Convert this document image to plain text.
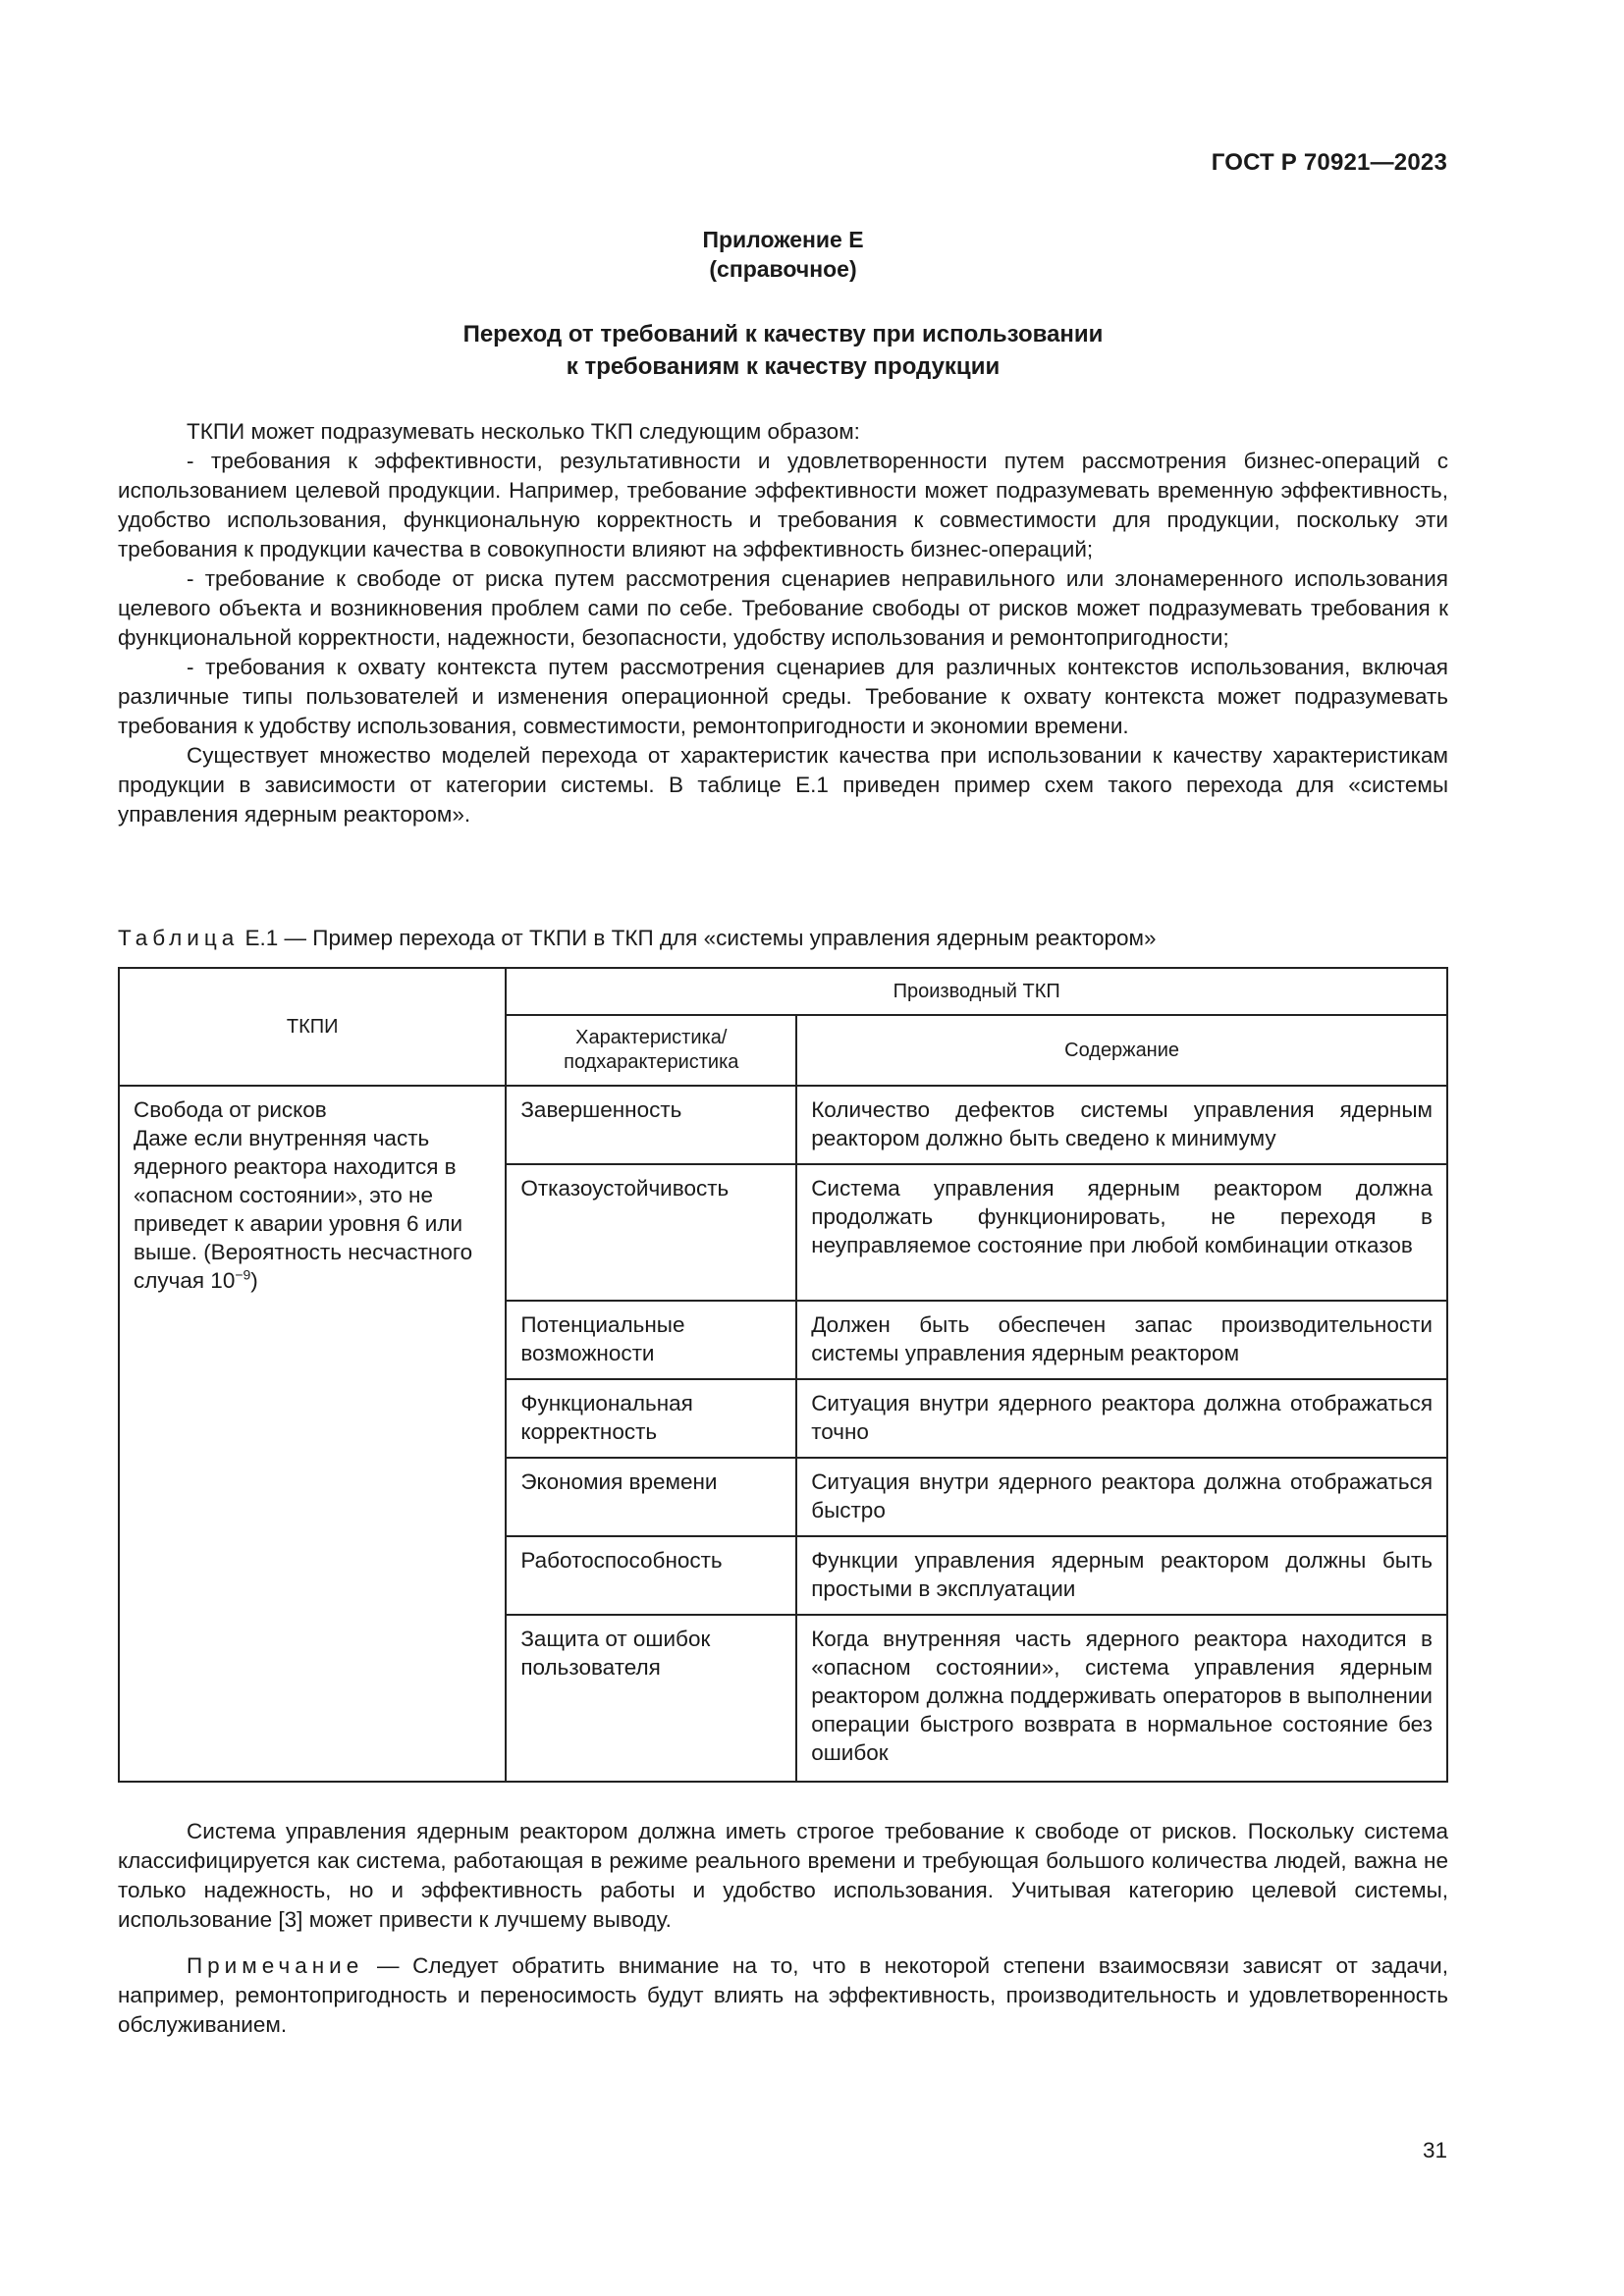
ГОСТ Р 70921—2023
Приложение Е
(справочное)
Переход от требований к качеству при использовании
к требованиям к качеству продукции

ТКПИ может подразумевать несколько ТКП следующим образом:

- требования к эффективности, результативности и удовлетворенности путем рассмотрения бизнес-операций с использованием целевой продукции. Например, требование эффективности может подразумевать временную эффективность, удобство использования, функциональную корректность и требования к совместимости для продукции, поскольку эти требования к продукции качества в совокупности влияют на эффективность бизнес-операций;

- требование к свободе от риска путем рассмотрения сценариев неправильного или злонамеренного использования целевого объекта и возникновения проблем сами по себе. Требование свободы от рисков может подразумевать требования к функциональной корректности, надежности, безопасности, удобству использования и ремонтопригодности;

- требования к охвату контекста путем рассмотрения сценариев для различных контекстов использования, включая различные типы пользователей и изменения операционной среды. Требование к охвату контекста может подразумевать требования к удобству использования, совместимости, ремонтопригодности и экономии времени.

Существует множество моделей перехода от характеристик качества при использовании к качеству характеристикам продукции в зависимости от категории системы. В таблице Е.1 приведен пример схем такого перехода для «системы управления ядерным реактором».

Таблица Е.1 — Пример перехода от ТКПИ в ТКП для «системы управления ядерным реактором»
ТКПИ	Производный ТКП	
	Характеристика/
подхарактеристика	Содержание

Свобода от рисков
Даже если внутренняя часть ядерного реактора находится в «опасном состоянии», это не приведет к аварии уровня 6 или выше. (Вероятность несчастного случая $10^{-9}$)	Завершенность	Количество дефектов системы управления ядерным реактором должно быть сведено к минимуму
	Отказоустойчивость	Система управления ядерным реактором должна продолжать функционировать, не переходя в неуправляемое состояние при любой комбинации отказов
	Потенциальные возможности	Должен быть обеспечен запас производительности системы управления ядерным реактором
	Функциональная корректность	Ситуация внутри ядерного реактора должна отображаться точно
	Экономия времени	Ситуация внутри ядерного реактора должна отображаться быстро
	Работоспособность	Функции управления ядерным реактором должны быть простыми в эксплуатации
	Защита от ошибок пользователя	Когда внутренняя часть ядерного реактора находится в «опасном состоянии», система управления ядерным реактором должна поддерживать операторов в выполнении операции быстрого возврата в нормальное состояние без ошибок

Система управления ядерным реактором должна иметь строгое требование к свободе от рисков. Поскольку система классифицируется как система, работающая в режиме реального времени и требующая большого количества людей, важна не только надежность, но и эффективность работы и удобство использования. Учитывая категорию целевой системы, использование [3] может привести к лучшему выводу.

Примечание — Следует обратить внимание на то, что в некоторой степени взаимосвязи зависят от задачи, например, ремонтопригодность и переносимость будут влиять на эффективность, производительность и удовлетворенность обслуживанием.

31
